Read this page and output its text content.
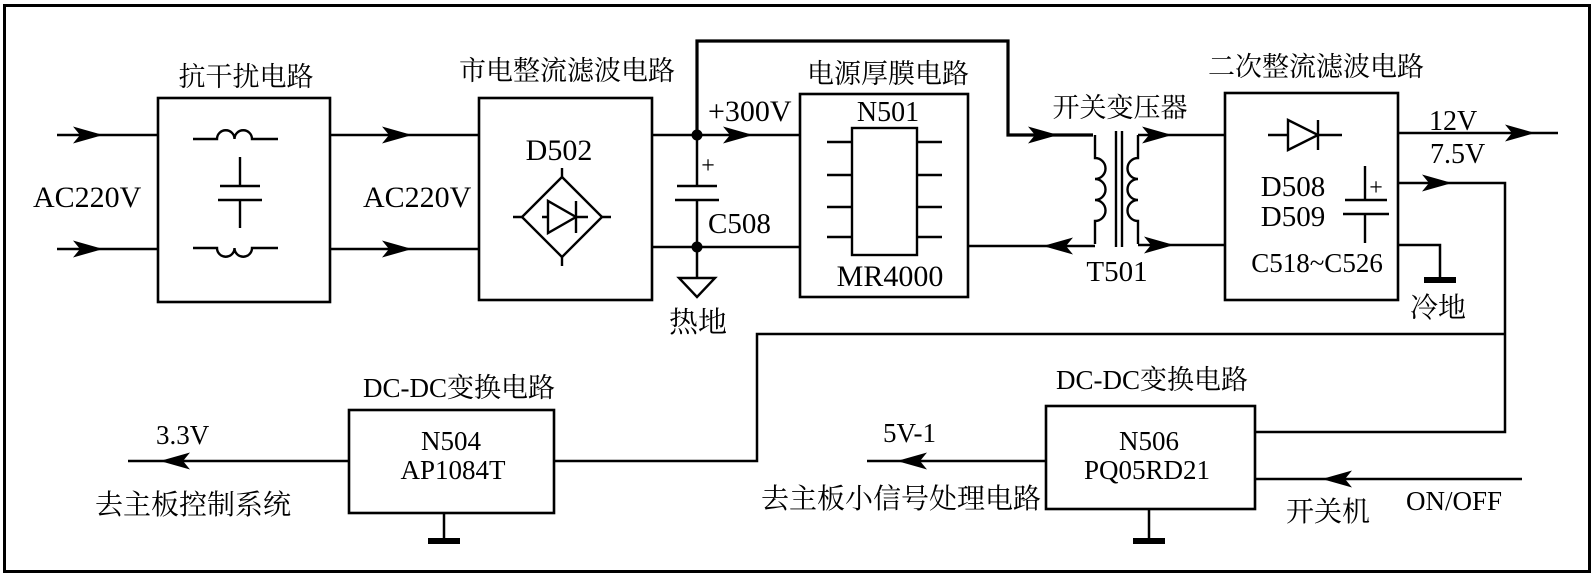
抗干扰电路	市电整流滤波电路
D502
+300V
+
C508
热地
电源厚膜电路
N501
MR4000
开关变压器
T501
二次整流滤波电路
D508
D509
+
C518~C526
12V
7.5V
冷地
AC220V	AC220V
DC-DC变换电路
N504
AP1084T
3.3V
去主板控制系统
DC-DC变换电路
N506
PQ05RD21
5V-1
去主板小信号处理电路	开关机 ON/OFF
